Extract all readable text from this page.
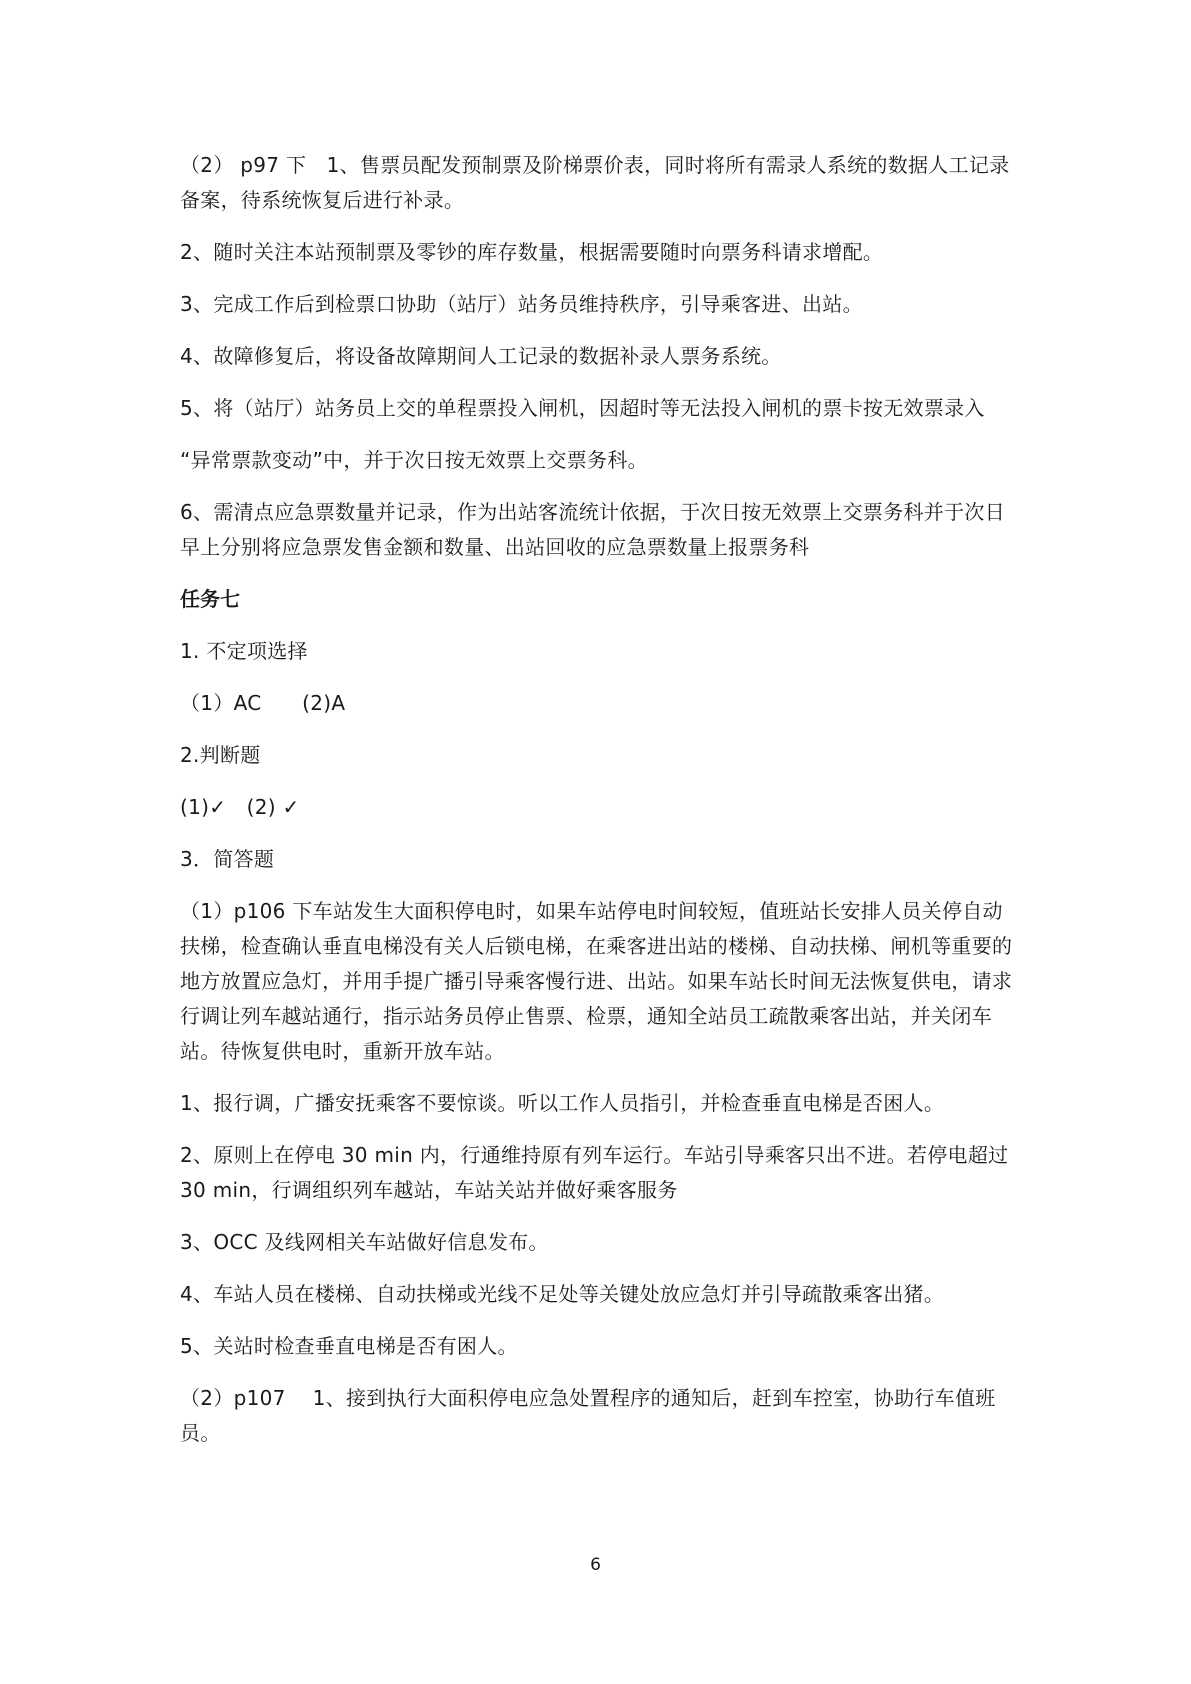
（2） p97 下　1、售票员配发预制票及阶梯票价表，同时将所有需录人系统的数据人工记录备案，待系统恢复后进行补录。

2、随时关注本站预制票及零钞的库存数量，根据需要随时向票务科请求增配。

3、完成工作后到检票口协助（站厅）站务员维持秩序，引导乘客进、出站。

4、故障修复后，将设备故障期间人工记录的数据补录人票务系统。

5、将（站厅）站务员上交的单程票投入闸机，因超时等无法投入闸机的票卡按无效票录入

“异常票款变动”中，并于次日按无效票上交票务科。

6、需清点应急票数量并记录，作为出站客流统计依据，于次日按无效票上交票务科并于次日早上分别将应急票发售金额和数量、出站回收的应急票数量上报票务科

任务七

1. 不定项选择

（1）AC　　(2)A

2.判断题

(1)✓　(2) ✓

3．简答题

（1）p106 下车站发生大面积停电时，如果车站停电时间较短，值班站长安排人员关停自动扶梯，检查确认垂直电梯没有关人后锁电梯，在乘客进出站的楼梯、自动扶梯、闸机等重要的地方放置应急灯，并用手提广播引导乘客慢行进、出站。如果车站长时间无法恢复供电，请求行调让列车越站通行，指示站务员停止售票、检票，通知全站员工疏散乘客出站，并关闭车站。待恢复供电时，重新开放车站。

1、报行调，广播安抚乘客不要惊谈。听以工作人员指引，并检查垂直电梯是否困人。

2、原则上在停电 30 min 内，行通维持原有列车运行。车站引导乘客只出不进。若停电超过 30 min，行调组织列车越站，车站关站并做好乘客服务

3、OCC 及线网相关车站做好信息发布。

4、车站人员在楼梯、自动扶梯或光线不足处等关键处放应急灯并引导疏散乘客出猪。

5、关站时检查垂直电梯是否有困人。

（2）p107　 1、接到执行大面积停电应急处置程序的通知后，赶到车控室，协助行车值班员。

6
